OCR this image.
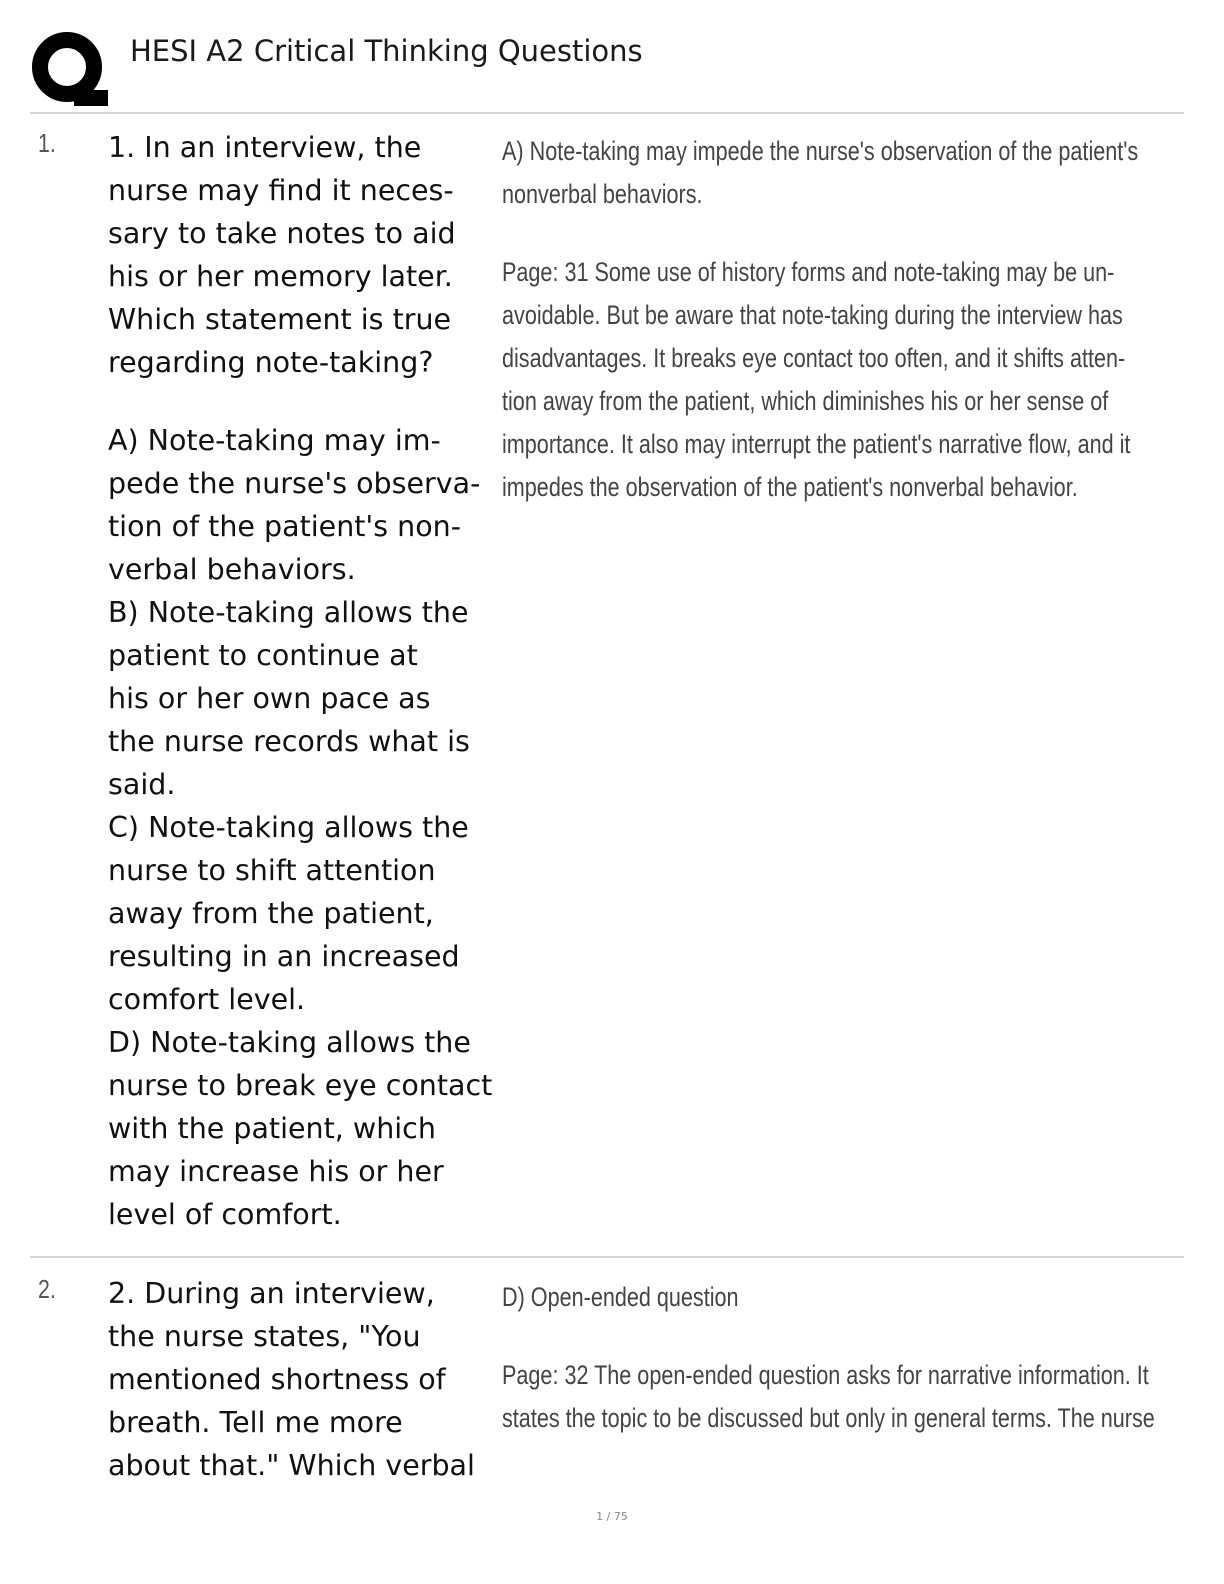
HESI A2 Critical Thinking Questions
1. 1. In an interview, the
nurse may find it neces-
sary to take notes to aid
his or her memory later.
Which statement is true
regarding note-taking?
A) Note-taking may im-
pede the nurse's observa-
tion of the patient's non-
verbal behaviors.
B) Note-taking allows the
patient to continue at
his or her own pace as
the nurse records what is
said.
C) Note-taking allows the
nurse to shift attention
away from the patient,
resulting in an increased
comfort level.
D) Note-taking allows the
nurse to break eye contact
with the patient, which
may increase his or her
level of comfort.
A) Note-taking may impede the nurse's observation of the patient's
nonverbal behaviors.
Page: 31 Some use of history forms and note-taking may be un-
avoidable. But be aware that note-taking during the interview has
disadvantages. It breaks eye contact too often, and it shifts atten-
tion away from the patient, which diminishes his or her sense of
importance. It also may interrupt the patient's narrative flow, and it
impedes the observation of the patient's nonverbal behavior.
2. 2. During an interview,
the nurse states, "You
mentioned shortness of
breath. Tell me more
about that." Which verbal
D) Open-ended question
Page: 32 The open-ended question asks for narrative information. It
states the topic to be discussed but only in general terms. The nurse
1 / 75
